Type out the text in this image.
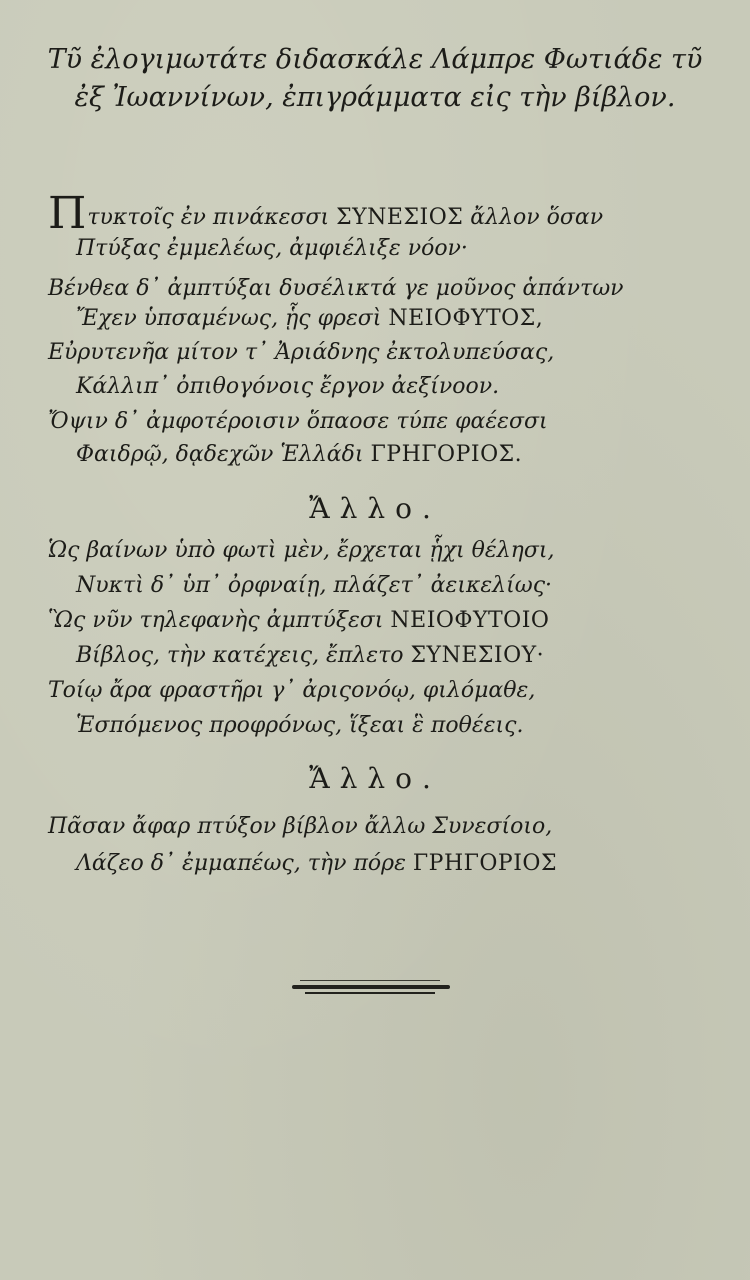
Τῦ ἐλογιμωτάτε διδασκάλε Λάμπρε Φωτιάδε τῦ
ἐξ Ἰωαννίνων, ἐπιγράμματα εἰς τὴν βίβλον.
Πτυκτοῖς ἐν πινάκεσσι ΣΥΝΕΣΙΟΣ ἄλλον ὅσαν
Πτύξας ἐμμελέως, ἀμφιέλιξε νόον·
Βένθεα δ᾽ ἀμπτύξαι δυσέλικτά γε μοῦνος ἁπάντων
Ἔχεν ὑπσαμένως, ᾗς φρεσὶ ΝΕΙΟΦΥΤΟΣ,
Εὐρυτενῆα μίτον τ᾽ Ἀριάδνης ἐκτολυπεύσας,
Κάλλιπ᾽ ὀπιθογόνοις ἔργον ἀεξίνοον.
Ὄψιν δ᾽ ἀμφοτέροισιν ὅπαοσε τύπε φαέεσσι
Φαιδρῷ, δᾳδεχῶν Ἑλλάδι ΓΡΗΓΟΡΙΟΣ.
Ἄλλο.
Ὡς βαίνων ὑπὸ φωτὶ μὲν, ἔρχεται ᾗχι θέλησι,
Νυκτὶ δ᾽ ὑπ᾽ ὀρφναίῃ, πλάζετ᾽ ἀεικελίως·
Ὣς νῦν τηλεφανὴς ἀμπτύξεσι ΝΕΙΟΦΥΤΟΙΟ
Βίβλος, τὴν κατέχεις, ἔπλετο ΣΥΝΕΣΙΟΥ·
Τοίῳ ἄρα φραστῆρι γ᾽ ἀριςονόῳ, φιλόμαθε,
Ἑσπόμενος προφρόνως, ἵξεαι ἓ ποθέεις.
Ἄλλο.
Πᾶσαν ἄφαρ πτύξον βίβλον ἄλλω Συνεσίοιο,
Λάζεο δ᾽ ἐμμαπέως, τὴν πόρε ΓΡΗΓΟΡΙΟΣ
